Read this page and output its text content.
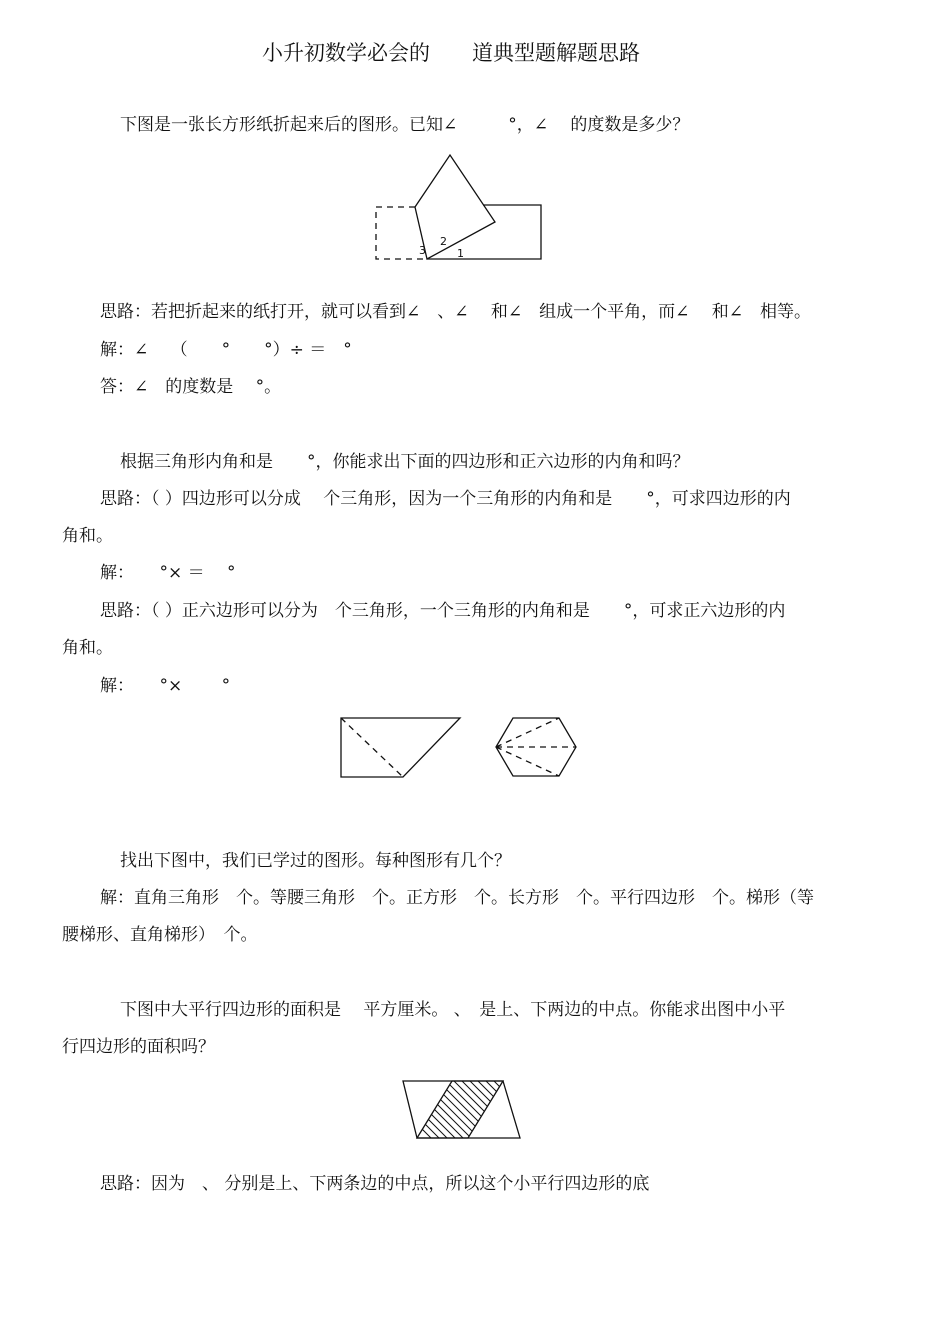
小升初数学必会的　　道典型题解题思路
下图是一张长方形纸折起来后的图形。已知∠　　　°，∠　 的度数是多少？
3
2
1
思路：若把折起来的纸打开，就可以看到∠　、∠　 和∠　组成一个平角，而∠　 和∠　相等。
解：∠　 （　　°　　°）÷ ＝　°
答：∠　的度数是　 °。
根据三角形内角和是　　°，你能求出下面的四边形和正六边形的内角和吗？
思路：（ ）四边形可以分成　 个三角形，因为一个三角形的内角和是　　°，可求四边形的内
角和。
解：　　°× ＝　 °
思路：（ ）正六边形可以分为　个三角形，一个三角形的内角和是　　°，可求正六边形的内
角和。
解：　　°×　　 °
找出下图中，我们已学过的图形。每种图形有几个？
解：直角三角形　个。等腰三角形　个。正方形　个。长方形　个。平行四边形　个。梯形（等
腰梯形、直角梯形）　个。
下图中大平行四边形的面积是　 平方厘米。 、　是上、下两边的中点。你能求出图中小平
行四边形的面积吗？
思路：因为　、 分别是上、下两条边的中点，所以这个小平行四边形的底
